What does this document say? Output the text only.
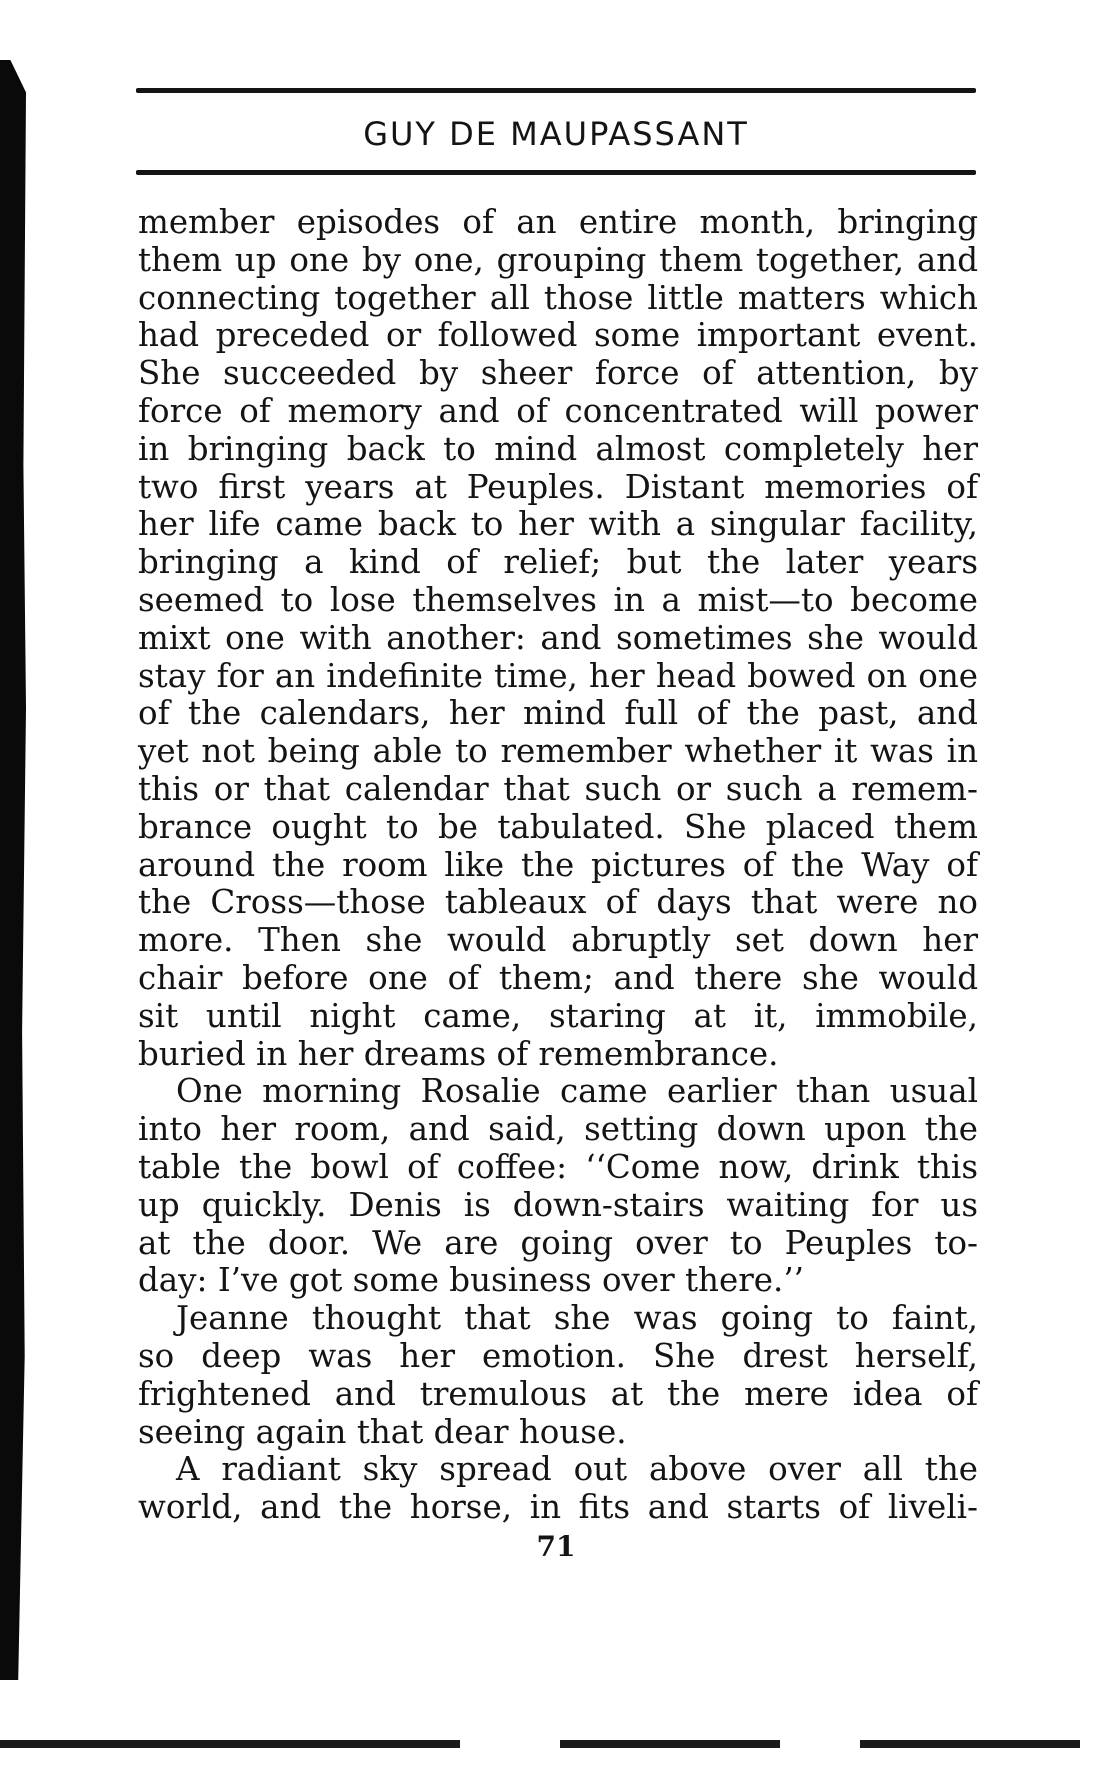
GUY DE MAUPASSANT
member episodes of an entire month, bringing
them up one by one, grouping them together, and
connecting together all those little matters which
had preceded or followed some important event.
She succeeded by sheer force of attention, by
force of memory and of concentrated will power
in bringing back to mind almost completely her
two first years at Peuples. Distant memories of
her life came back to her with a singular facility,
bringing a kind of relief; but the later years
seemed to lose themselves in a mist—to become
mixt one with another: and sometimes she would
stay for an indefinite time, her head bowed on one
of the calendars, her mind full of the past, and
yet not being able to remember whether it was in
this or that calendar that such or such a remem-
brance ought to be tabulated. She placed them
around the room like the pictures of the Way of
the Cross—those tableaux of days that were no
more. Then she would abruptly set down her
chair before one of them; and there she would
sit until night came, staring at it, immobile,
buried in her dreams of remembrance.
One morning Rosalie came earlier than usual
into her room, and said, setting down upon the
table the bowl of coffee: ‘‘Come now, drink this
up quickly. Denis is down-stairs waiting for us
at the door. We are going over to Peuples to-
day: I’ve got some business over there.’’
Jeanne thought that she was going to faint,
so deep was her emotion. She drest herself,
frightened and tremulous at the mere idea of
seeing again that dear house.
A radiant sky spread out above over all the
world, and the horse, in fits and starts of liveli-
71
